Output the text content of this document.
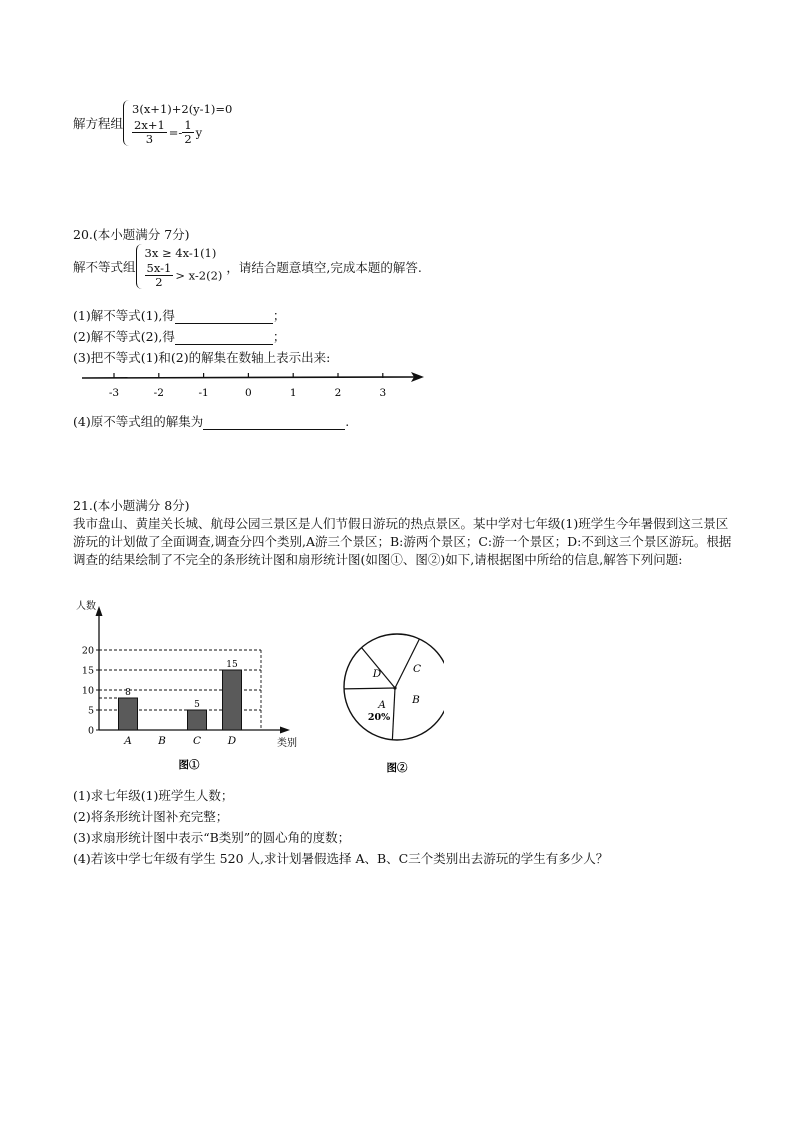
解方程组
3(x+1)+2(y-1)=0
$\frac{2x+1}{3} =- \frac{1}{2}$ y
20.(本小题满分 7分)
解不等式组
3x ≥ 4x-1(1)
$\frac{5x-1}{2} > x-2(2)$
，请结合题意填空,完成本题的解答.
(1)解不等式(1),得	；
(2)解不等式(2),得	；
(3)把不等式(1)和(2)的解集在数轴上表示出来:
-3	-2	-1	0	1	2	3
(4)原不等式组的解集为	.
21.(本小题满分 8分)
我市盘山、黄崖关长城、航母公园三景区是人们节假日游玩的热点景区。某中学对七年级(1)班学生今年暑假到这三景区游玩的计划做了全面调查,调查分四个类别,A游三个景区；B:游两个景区；C:游一个景区；D:不到这三个景区游玩。根据调查的结果绘制了不完全的条形统计图和扇形统计图(如图①、图②)如下,请根据图中所给的信息,解答下列问题:
人数
类别
0
5
10
15
20
8
A	B
5
C
15
D
图①
A
20%
B
C
D
图②
(1)求七年级(1)班学生人数；
(2)将条形统计图补充完整；
(3)求扇形统计图中表示“B类别”的圆心角的度数；
(4)若该中学七年级有学生 520 人,求计划暑假选择 A、B、C三个类别出去游玩的学生有多少人？
